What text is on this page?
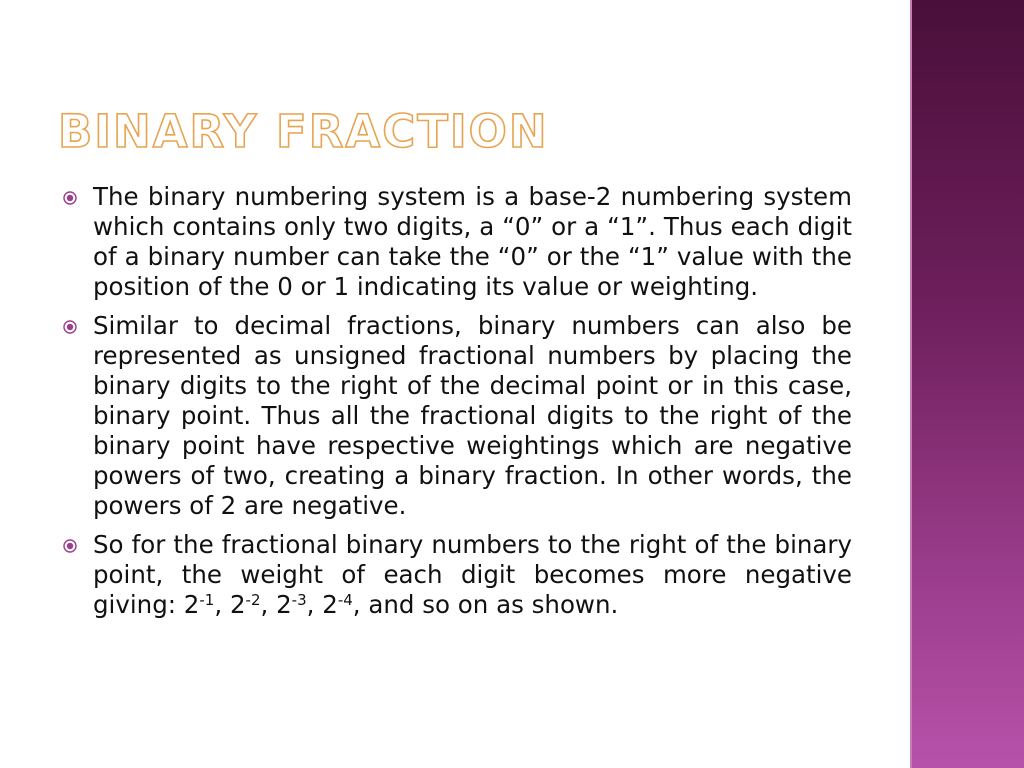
BINARY FRACTION
The binary numbering system is a base-2 numbering system which contains only two digits, a “0” or a “1”. Thus each digit of a binary number can take the “0” or the “1” value with the position of the 0 or 1 indicating its value or weighting.
Similar to decimal fractions, binary numbers can also be represented as unsigned fractional numbers by placing the binary digits to the right of the decimal point or in this case, binary point. Thus all the fractional digits to the right of the binary point have respective weightings which are negative powers of two, creating a binary fraction. In other words, the powers of 2 are negative.
So for the fractional binary numbers to the right of the binary point, the weight of each digit becomes more negative giving: $2^{-1}$, $2^{-2}$, $2^{-3}$, $2^{-4}$, and so on as shown.
